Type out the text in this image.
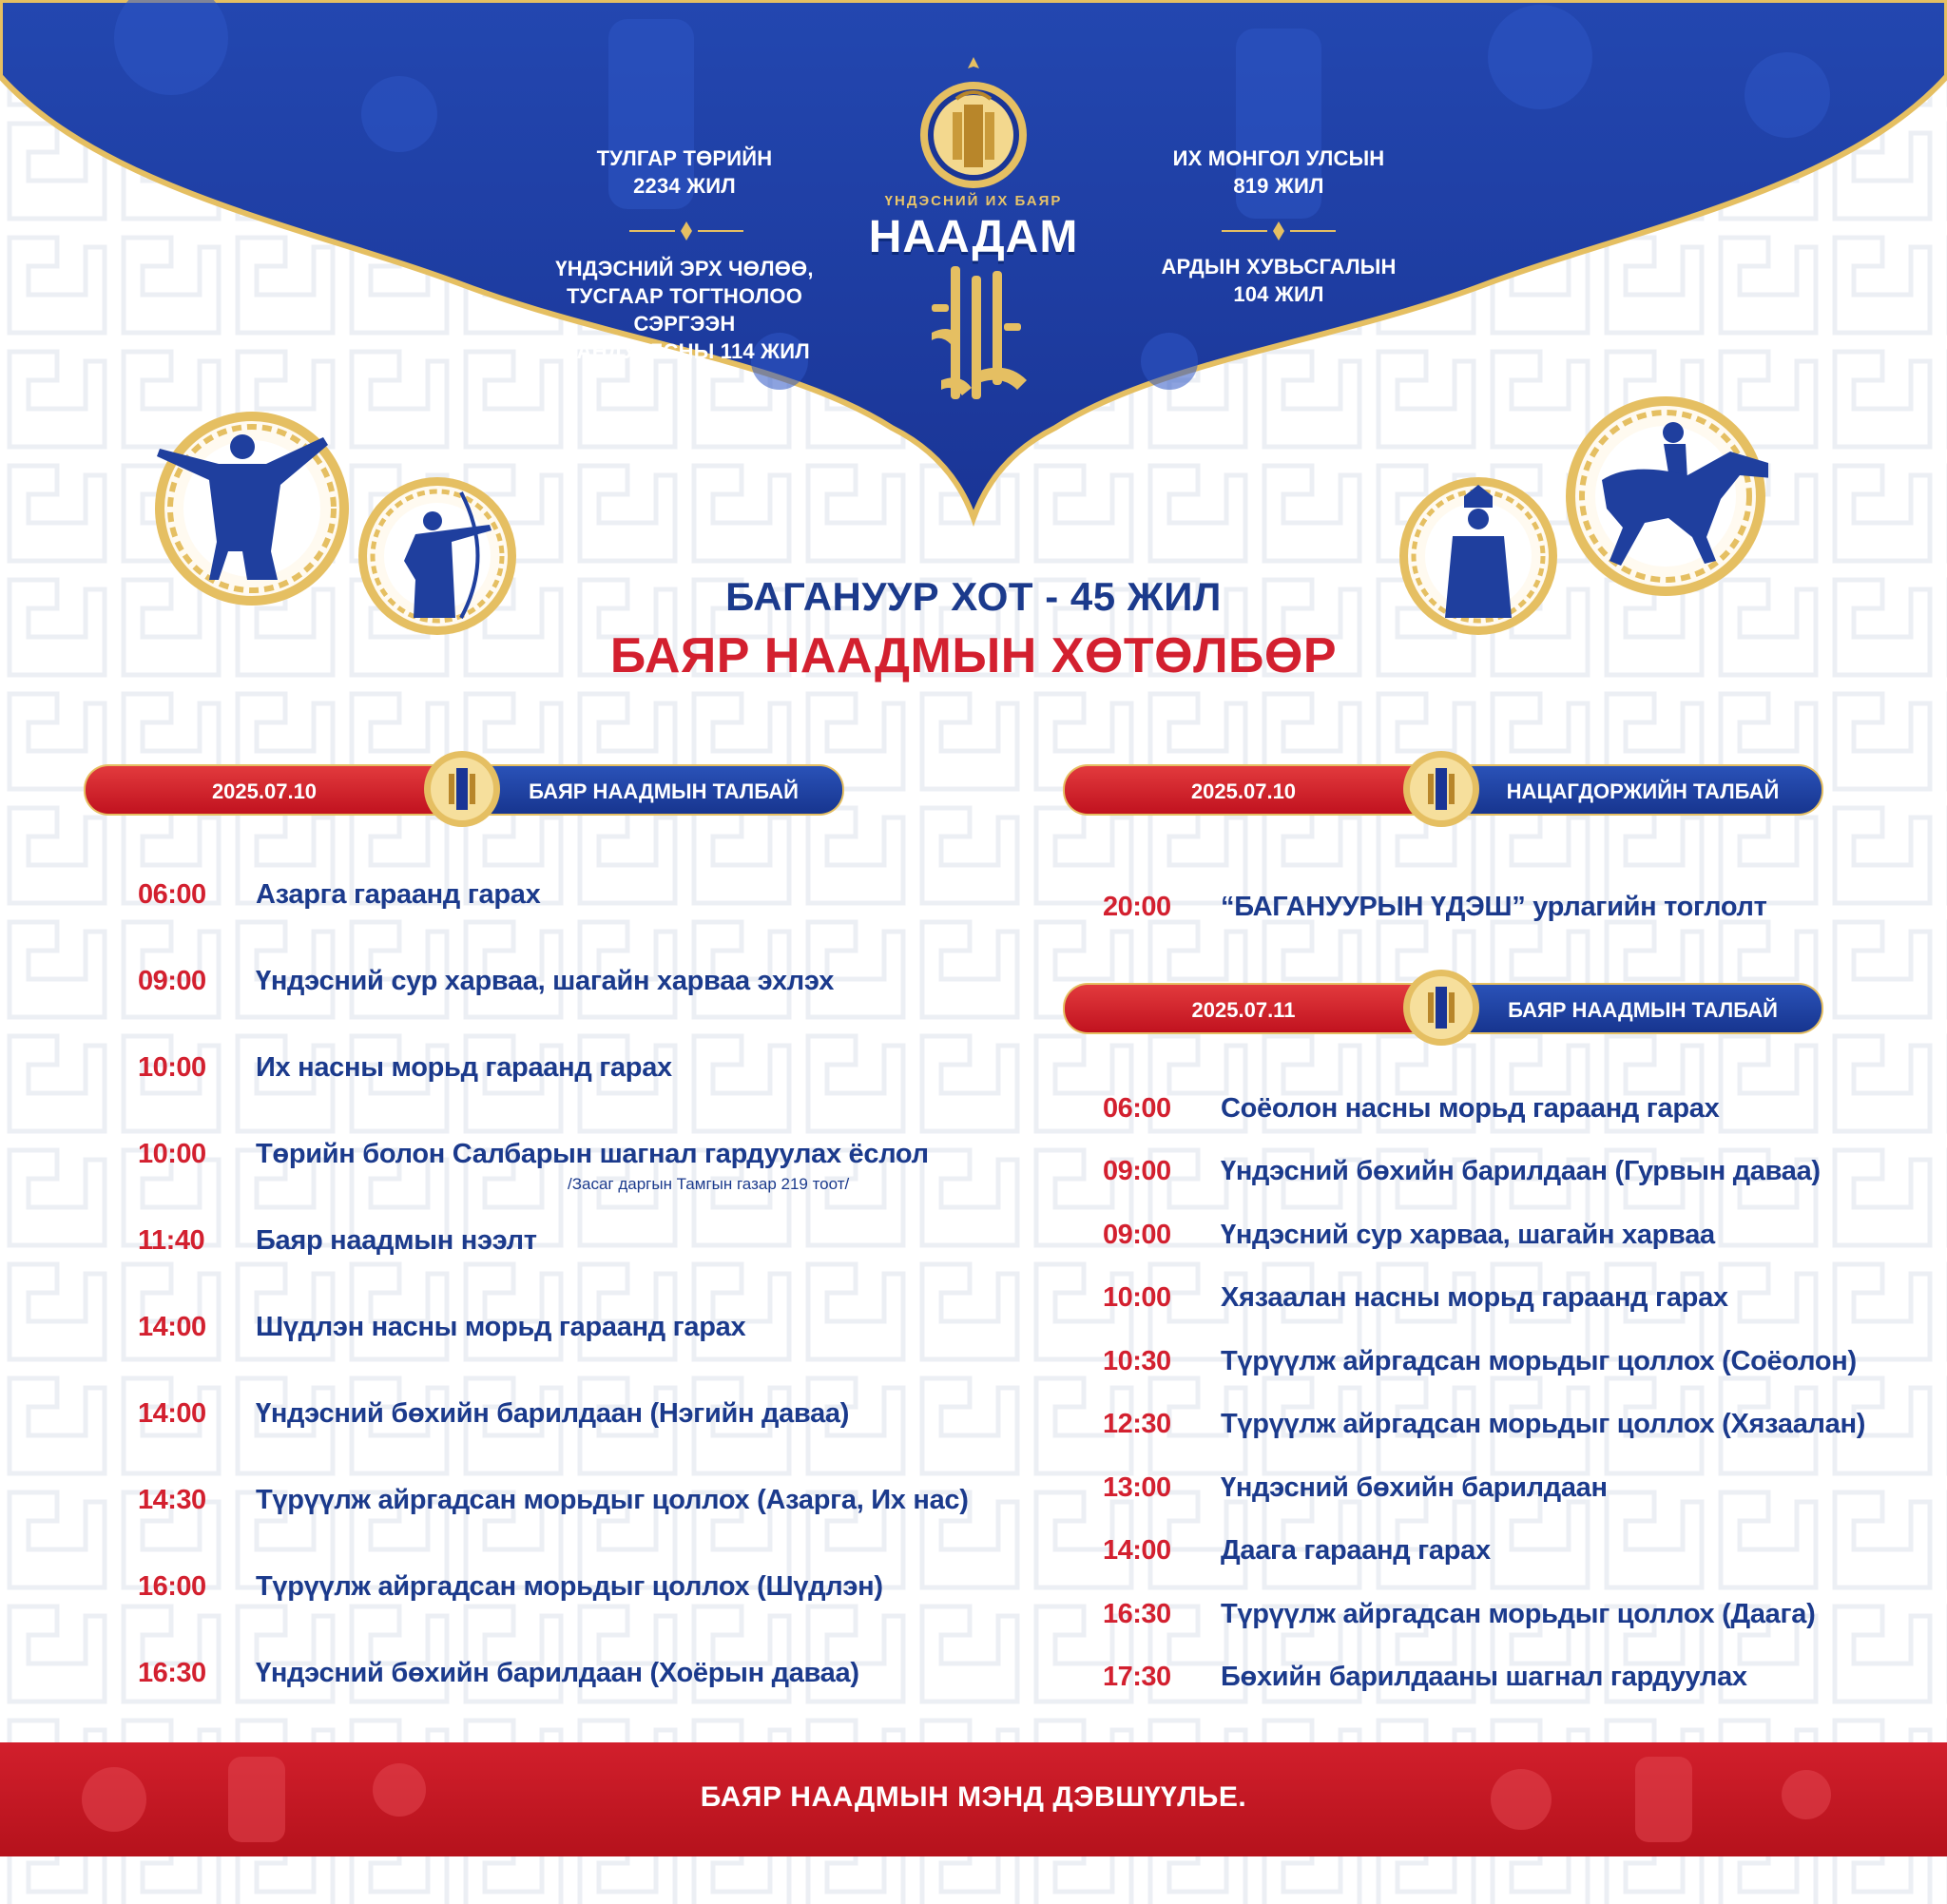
ТУЛГАР ТӨРИЙН
2234 ЖИЛ
ҮНДЭСНИЙ ЭРХ ЧӨЛӨӨ,
ТУСГААР ТОГТНОЛОО СЭРГЭЭН
МАНДУУЛСНЫ 114 ЖИЛ
ИХ МОНГОЛ УЛСЫН
819 ЖИЛ
АРДЫН ХУВЬСГАЛЫН
104 ЖИЛ
ҮНДЭСНИЙ ИХ БАЯР
НААДАМ
БАГАНУУР ХОТ - 45 ЖИЛ
БАЯР НААДМЫН ХӨТӨЛБӨР
2025.07.10	БАЯР НААДМЫН ТАЛБАЙ	2025.07.10	НАЦАГДОРЖИЙН ТАЛБАЙ
2025.07.11	БАЯР НААДМЫН ТАЛБАЙ
06:00	Азарга гараанд гарах
09:00	Үндэсний сур харваа, шагайн харваа эхлэх
10:00	Их насны морьд гараанд гарах
10:00	Төрийн болон Салбарын шагнал гардуулах ёслол
/Засаг даргын Тамгын газар 219 тоот/
11:40	Баяр наадмын нээлт
14:00	Шүдлэн насны морьд гараанд гарах
14:00	Үндэсний бөхийн барилдаан (Нэгийн даваа)
14:30	Түрүүлж айргадсан морьдыг цоллох (Азарга, Их нас)
16:00	Түрүүлж айргадсан морьдыг цоллох (Шүдлэн)
16:30	Үндэсний бөхийн барилдаан (Хоёрын даваа)
20:00	“БАГАНУУРЫН ҮДЭШ” урлагийн тоглолт
06:00	Соёолон насны морьд гараанд гарах
09:00	Үндэсний бөхийн барилдаан (Гурвын даваа)
09:00	Үндэсний сур харваа, шагайн харваа
10:00	Хязаалан насны морьд гараанд гарах
10:30	Түрүүлж айргадсан морьдыг цоллох (Соёолон)
12:30	Түрүүлж айргадсан морьдыг цоллох (Хязаалан)
13:00	Үндэсний бөхийн барилдаан
14:00	Даага гараанд гарах
16:30	Түрүүлж айргадсан морьдыг цоллох (Даага)
17:30	Бөхийн барилдааны шагнал гардуулах
БАЯР НААДМЫН МЭНД ДЭВШҮҮЛЬЕ.
